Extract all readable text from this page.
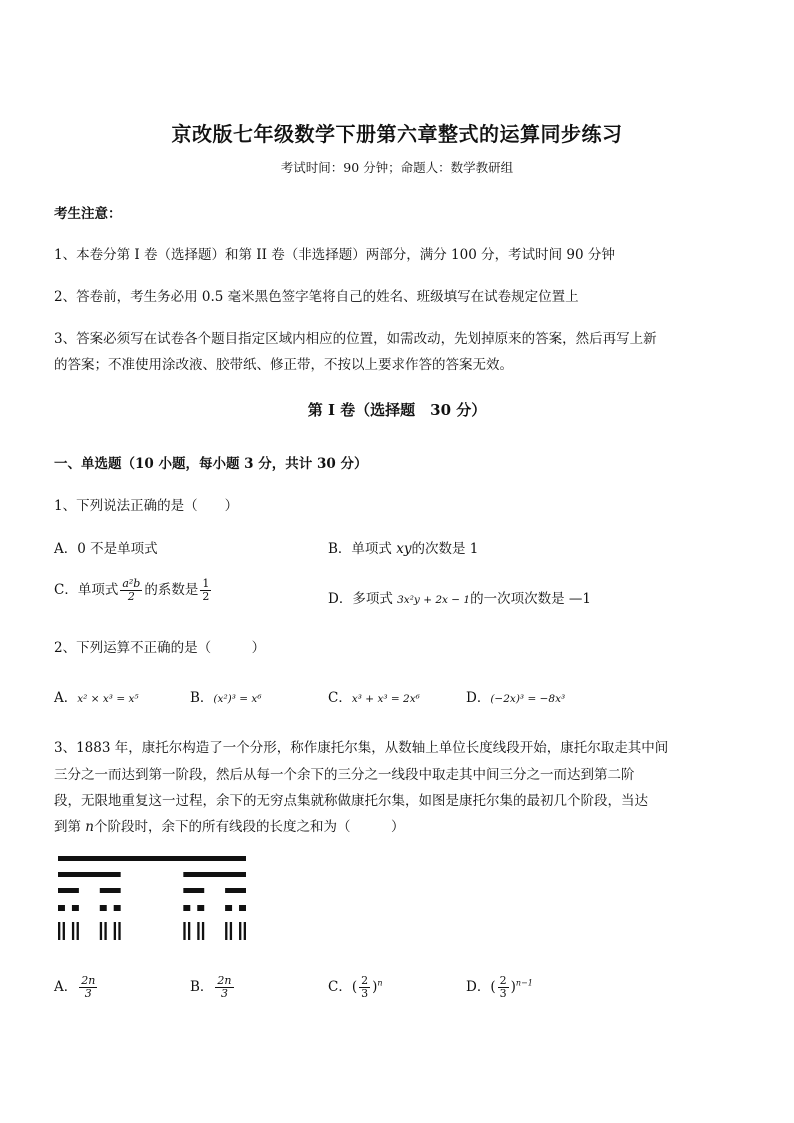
京改版七年级数学下册第六章整式的运算同步练习
考试时间：90 分钟；命题人：数学教研组
考生注意：
1、本卷分第 I 卷（选择题）和第 II 卷（非选择题）两部分，满分 100 分，考试时间 90 分钟
2、答卷前，考生务必用 0.5 毫米黑色签字笔将自己的姓名、班级填写在试卷规定位置上
3、答案必须写在试卷各个题目指定区域内相应的位置，如需改动，先划掉原来的答案，然后再写上新
的答案；不准使用涂改液、胶带纸、修正带，不按以上要求作答的答案无效。
第 I 卷（选择题　30 分）
一、单选题（10 小题，每小题 3 分，共计 30 分）
1、下列说法正确的是（　　）
A．0 不是单项式	B．单项式 xy的次数是 1
C．单项式 $\frac{\text{a²b}}{2}$ 的系数是 $\frac{1}{2}$	D．多项式 3x²y + 2x − 1的一次项次数是 —1
2、下列运算不正确的是（　　　）
A．x² × x³ = x⁵	B．(x²)³ = x⁶	C．x³ + x³ = 2x⁶	D．(−2x)³ = −8x³
3、1883 年，康托尔构造了一个分形，称作康托尔集，从数轴上单位长度线段开始，康托尔取走其中间
三分之一而达到第一阶段，然后从每一个余下的三分之一线段中取走其中间三分之一而达到第二阶
段，无限地重复这一过程，余下的无穷点集就称做康托尔集，如图是康托尔集的最初几个阶段，当达
到第 n个阶段时，余下的所有线段的长度之和为（　　　）
A． $\frac{2n}{3}$	B． $\frac{2n}{3}$	C．( $\frac{2}{3} )^n$	D．( $\frac{2}{3} )^{n-1}$
